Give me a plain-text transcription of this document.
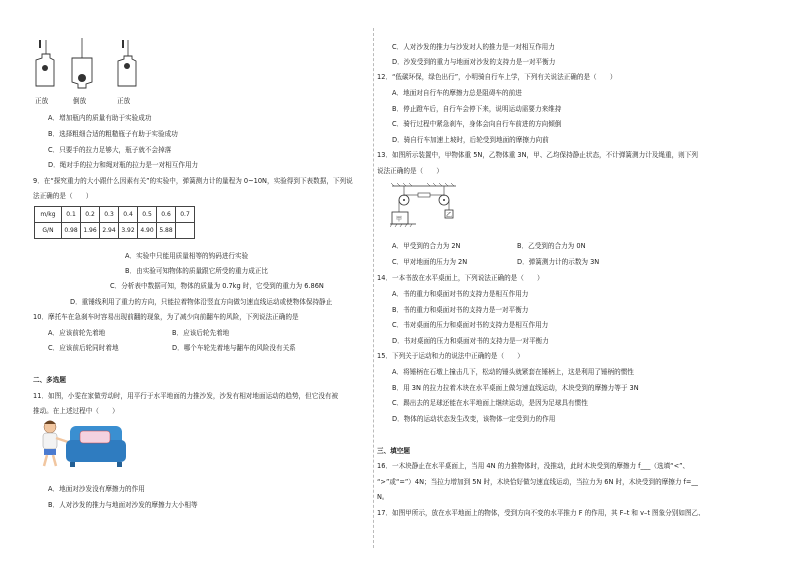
正放	倒放	正放
A．增加瓶内的质量有助于实验成功
B．选择粗细合适的粗糙瓶子有助于实验成功
C．只要手的拉力足够大，瓶子就不会掉落
D．绳对手的拉力和绳对瓶的拉力是一对相互作用力
9．在“探究重力的大小跟什么因素有关”的实验中，弹簧测力计的量程为 0~10N，实验得到下表数据，下列说
法正确的是（　　）
m/kg	0.1	0.2	0.3	0.4	0.5	0.6	0.7
G/N	0.98	1.96	2.94	3.92	4.90	5.88	
A．实验中只能用质量相等的钩码进行实验
B．由实验可知物体的质量跟它所受的重力成正比
C．分析表中数据可知，物体的质量为 0.7kg 时，它受到的重力为 6.86N
D．重锤线利用了重力的方向，只能拉着物体沿竖直方向做匀速直线运动或使物体保持静止
10．摩托车在急刹车时容易出现前翻的现象，为了减少向前翻车的风险，下列说法正确的是
A．应该前轮先着地	B．应该后轮先着地
C．应该前后轮同时着地	D．哪个车轮先着地与翻车的风险没有关系
二、多选题
11．如图，小雯在家做劳动时，用平行于水平地面的力推沙发，沙发有相对地面运动的趋势，但它没有被
推动。在上述过程中（　　）
A．地面对沙发没有摩擦力的作用
B．人对沙发的推力与地面对沙发的摩擦力大小相等
C．人对沙发的推力与沙发对人的推力是一对相互作用力
D．沙发受到的重力与地面对沙发的支持力是一对平衡力
12．“低碳环保，绿色出行”，小明骑自行车上学，下列有关说法正确的是（　　）
A．地面对自行车的摩擦力总是阻碍车的前进
B．停止蹬车后，自行车会停下来，说明运动需要力来维持
C．骑行过程中紧急刹车，身体会向自行车前进的方向倾倒
D．骑自行车加速上坡时，后轮受到地面的摩擦力向前
13．如图所示装置中，甲物体重 5N，乙物体重 3N，甲、乙均保持静止状态，不计弹簧测力计及绳重，则下列
说法正确的是（　　）
甲
乙
A．甲受到的合力为 2N	B．乙受到的合力为 0N
C．甲对地面的压力为 2N	D．弹簧测力计的示数为 3N
14．一本书放在水平桌面上，下列说法正确的是（　　）
A．书的重力和桌面对书的支持力是相互作用力
B．书的重力和桌面对书的支持力是一对平衡力
C．书对桌面的压力和桌面对书的支持力是相互作用力
D．书对桌面的压力和桌面对书的支持力是一对平衡力
15．下列关于运动和力的说法中正确的是（　　）
A．将锤柄在石墩上撞击几下，松动的锤头就紧套在锤柄上，这是利用了锤柄的惯性
B．用 3N 的拉力拉着木块在水平桌面上做匀速直线运动，木块受到的摩擦力等于 3N
C．踢出去的足球还能在水平地面上继续运动，是因为足球具有惯性
D．物体的运动状态发生改变，该物体一定受到力的作用
三、填空题
16．一木块静止在水平桌面上，当用 4N 的力推物体时，没推动，此时木块受到的摩擦力 f___（选填“<”、
“>”或“=”）4N；当拉力增加到 5N 时，木块恰好做匀速直线运动，当拉力为 6N 时，木块受到的摩擦力 f=__
N。
17．如图甲所示，放在水平地面上的物体，受到方向不变的水平推力 F 的作用，其 F–t 和 v–t 图象分别如图乙、
